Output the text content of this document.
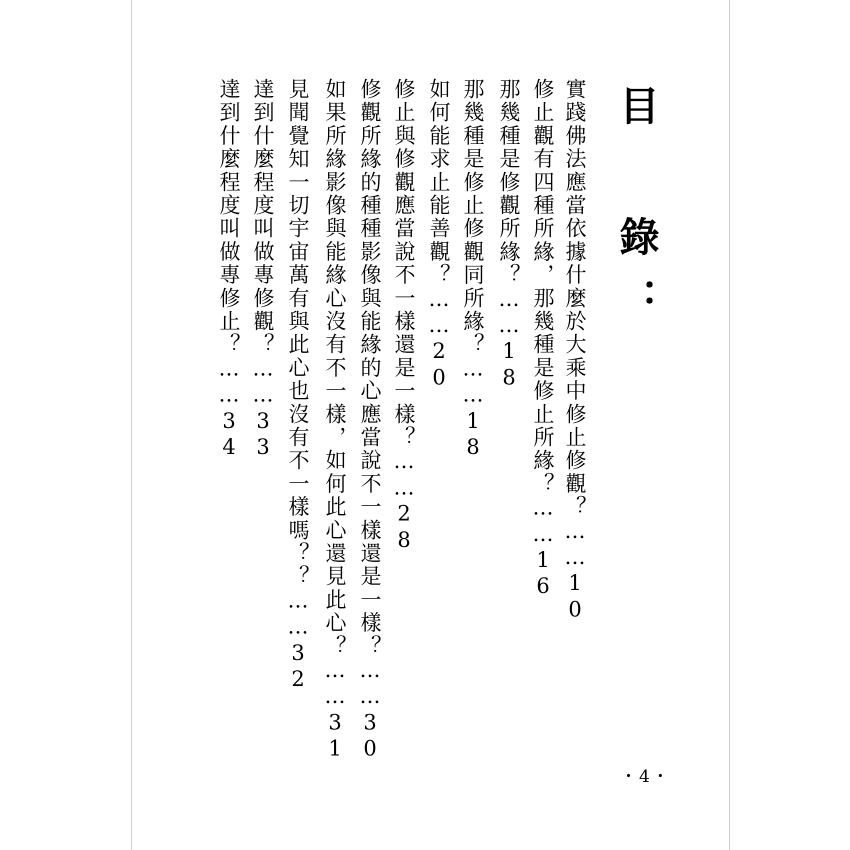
目 錄：
實踐佛法應當依據什麼於大乘中修止修觀？……10
修止觀有四種所緣，那幾種是修止所緣？……16
那幾種是修觀所緣？……18
那幾種是修止修觀同所緣？……18
如何能求止能善觀？……20
修止與修觀應當說不一樣還是一樣？……28
修觀所緣的種種影像與能緣的心應當說不一樣還是一樣？……30
如果所緣影像與能緣心沒有不一樣，如何此心還見此心？……31
見聞覺知一切宇宙萬有與此心也沒有不一樣嗎？？……32
達到什麼程度叫做專修觀？……33
達到什麼程度叫做專修止？……34
・4・
